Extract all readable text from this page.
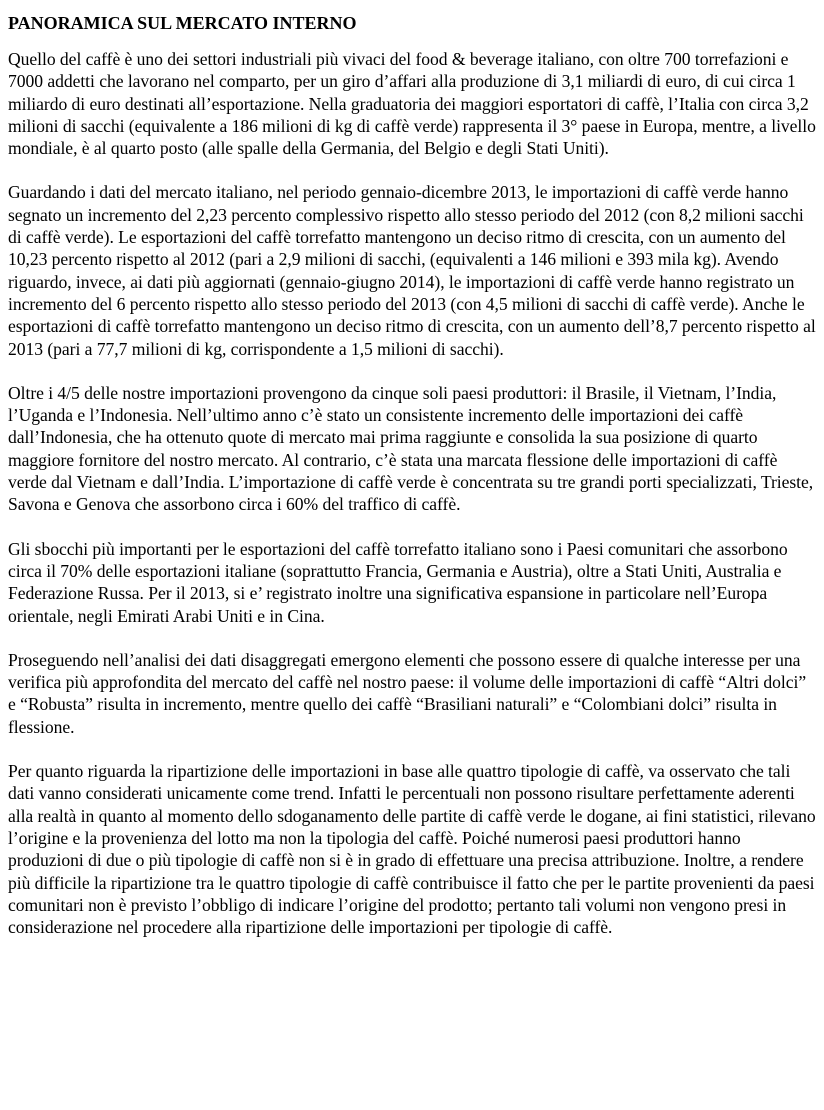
PANORAMICA SUL MERCATO INTERNO

Quello del caffè è uno dei settori industriali più vivaci del food & beverage italiano, con oltre 700 torrefazioni e 7000 addetti che lavorano nel comparto, per un giro d’affari alla produzione di 3,1 miliardi di euro, di cui circa 1 miliardo di euro destinati all’esportazione. Nella graduatoria dei maggiori esportatori di caffè, l’Italia con circa 3,2 milioni di sacchi (equivalente a 186 milioni di kg di caffè verde) rappresenta il 3° paese in Europa, mentre, a livello mondiale, è al quarto posto (alle spalle della Germania, del Belgio e degli Stati Uniti).

Guardando i dati del mercato italiano, nel periodo gennaio-dicembre 2013, le importazioni di caffè verde hanno segnato un incremento del 2,23 percento complessivo rispetto allo stesso periodo del 2012 (con 8,2 milioni sacchi di caffè verde). Le esportazioni del caffè torrefatto mantengono un deciso ritmo di crescita, con un aumento del 10,23 percento rispetto al 2012 (pari a 2,9 milioni di sacchi, (equivalenti a 146 milioni e 393 mila kg). Avendo riguardo, invece, ai dati più aggiornati (gennaio-giugno 2014), le importazioni di caffè verde hanno registrato un incremento del 6 percento rispetto allo stesso periodo del 2013 (con 4,5 milioni di sacchi di caffè verde). Anche le esportazioni di caffè torrefatto mantengono un deciso ritmo di crescita, con un aumento dell’8,7 percento rispetto al 2013 (pari a 77,7 milioni di kg, corrispondente a 1,5 milioni di sacchi).

Oltre i 4/5 delle nostre importazioni provengono da cinque soli paesi produttori: il Brasile, il Vietnam, l’India, l’Uganda e l’Indonesia. Nell’ultimo anno c’è stato un consistente incremento delle importazioni dei caffè dall’Indonesia, che ha ottenuto quote di mercato mai prima raggiunte e consolida la sua posizione di quarto maggiore fornitore del nostro mercato. Al contrario, c’è stata una marcata flessione delle importazioni di caffè verde dal Vietnam e dall’India. L’importazione di caffè verde è concentrata su tre grandi porti specializzati, Trieste, Savona e Genova che assorbono circa i 60% del traffico di caffè.

Gli sbocchi più importanti per le esportazioni del caffè torrefatto italiano sono i Paesi comunitari che assorbono circa il 70% delle esportazioni italiane (soprattutto Francia, Germania e Austria), oltre a Stati Uniti, Australia e Federazione Russa. Per il 2013, si e’ registrato inoltre una significativa espansione in particolare nell’Europa orientale, negli Emirati Arabi Uniti e in Cina.

Proseguendo nell’analisi dei dati disaggregati emergono elementi che possono essere di qualche interesse per una verifica più approfondita del mercato del caffè nel nostro paese: il volume delle importazioni di caffè “Altri dolci” e “Robusta” risulta in incremento, mentre quello dei caffè “Brasiliani naturali” e “Colombiani dolci” risulta in flessione.

Per quanto riguarda la ripartizione delle importazioni in base alle quattro tipologie di caffè, va osservato che tali dati vanno considerati unicamente come trend. Infatti le percentuali non possono risultare perfettamente aderenti alla realtà in quanto al momento dello sdoganamento delle partite di caffè verde le dogane, ai fini statistici, rilevano l’origine e la provenienza del lotto ma non la tipologia del caffè. Poiché numerosi paesi produttori hanno produzioni di due o più tipologie di caffè non si è in grado di effettuare una precisa attribuzione. Inoltre, a rendere più difficile la ripartizione tra le quattro tipologie di caffè contribuisce il fatto che per le partite provenienti da paesi comunitari non è previsto l’obbligo di indicare l’origine del prodotto; pertanto tali volumi non vengono presi in considerazione nel procedere alla ripartizione delle importazioni per tipologie di caffè.
